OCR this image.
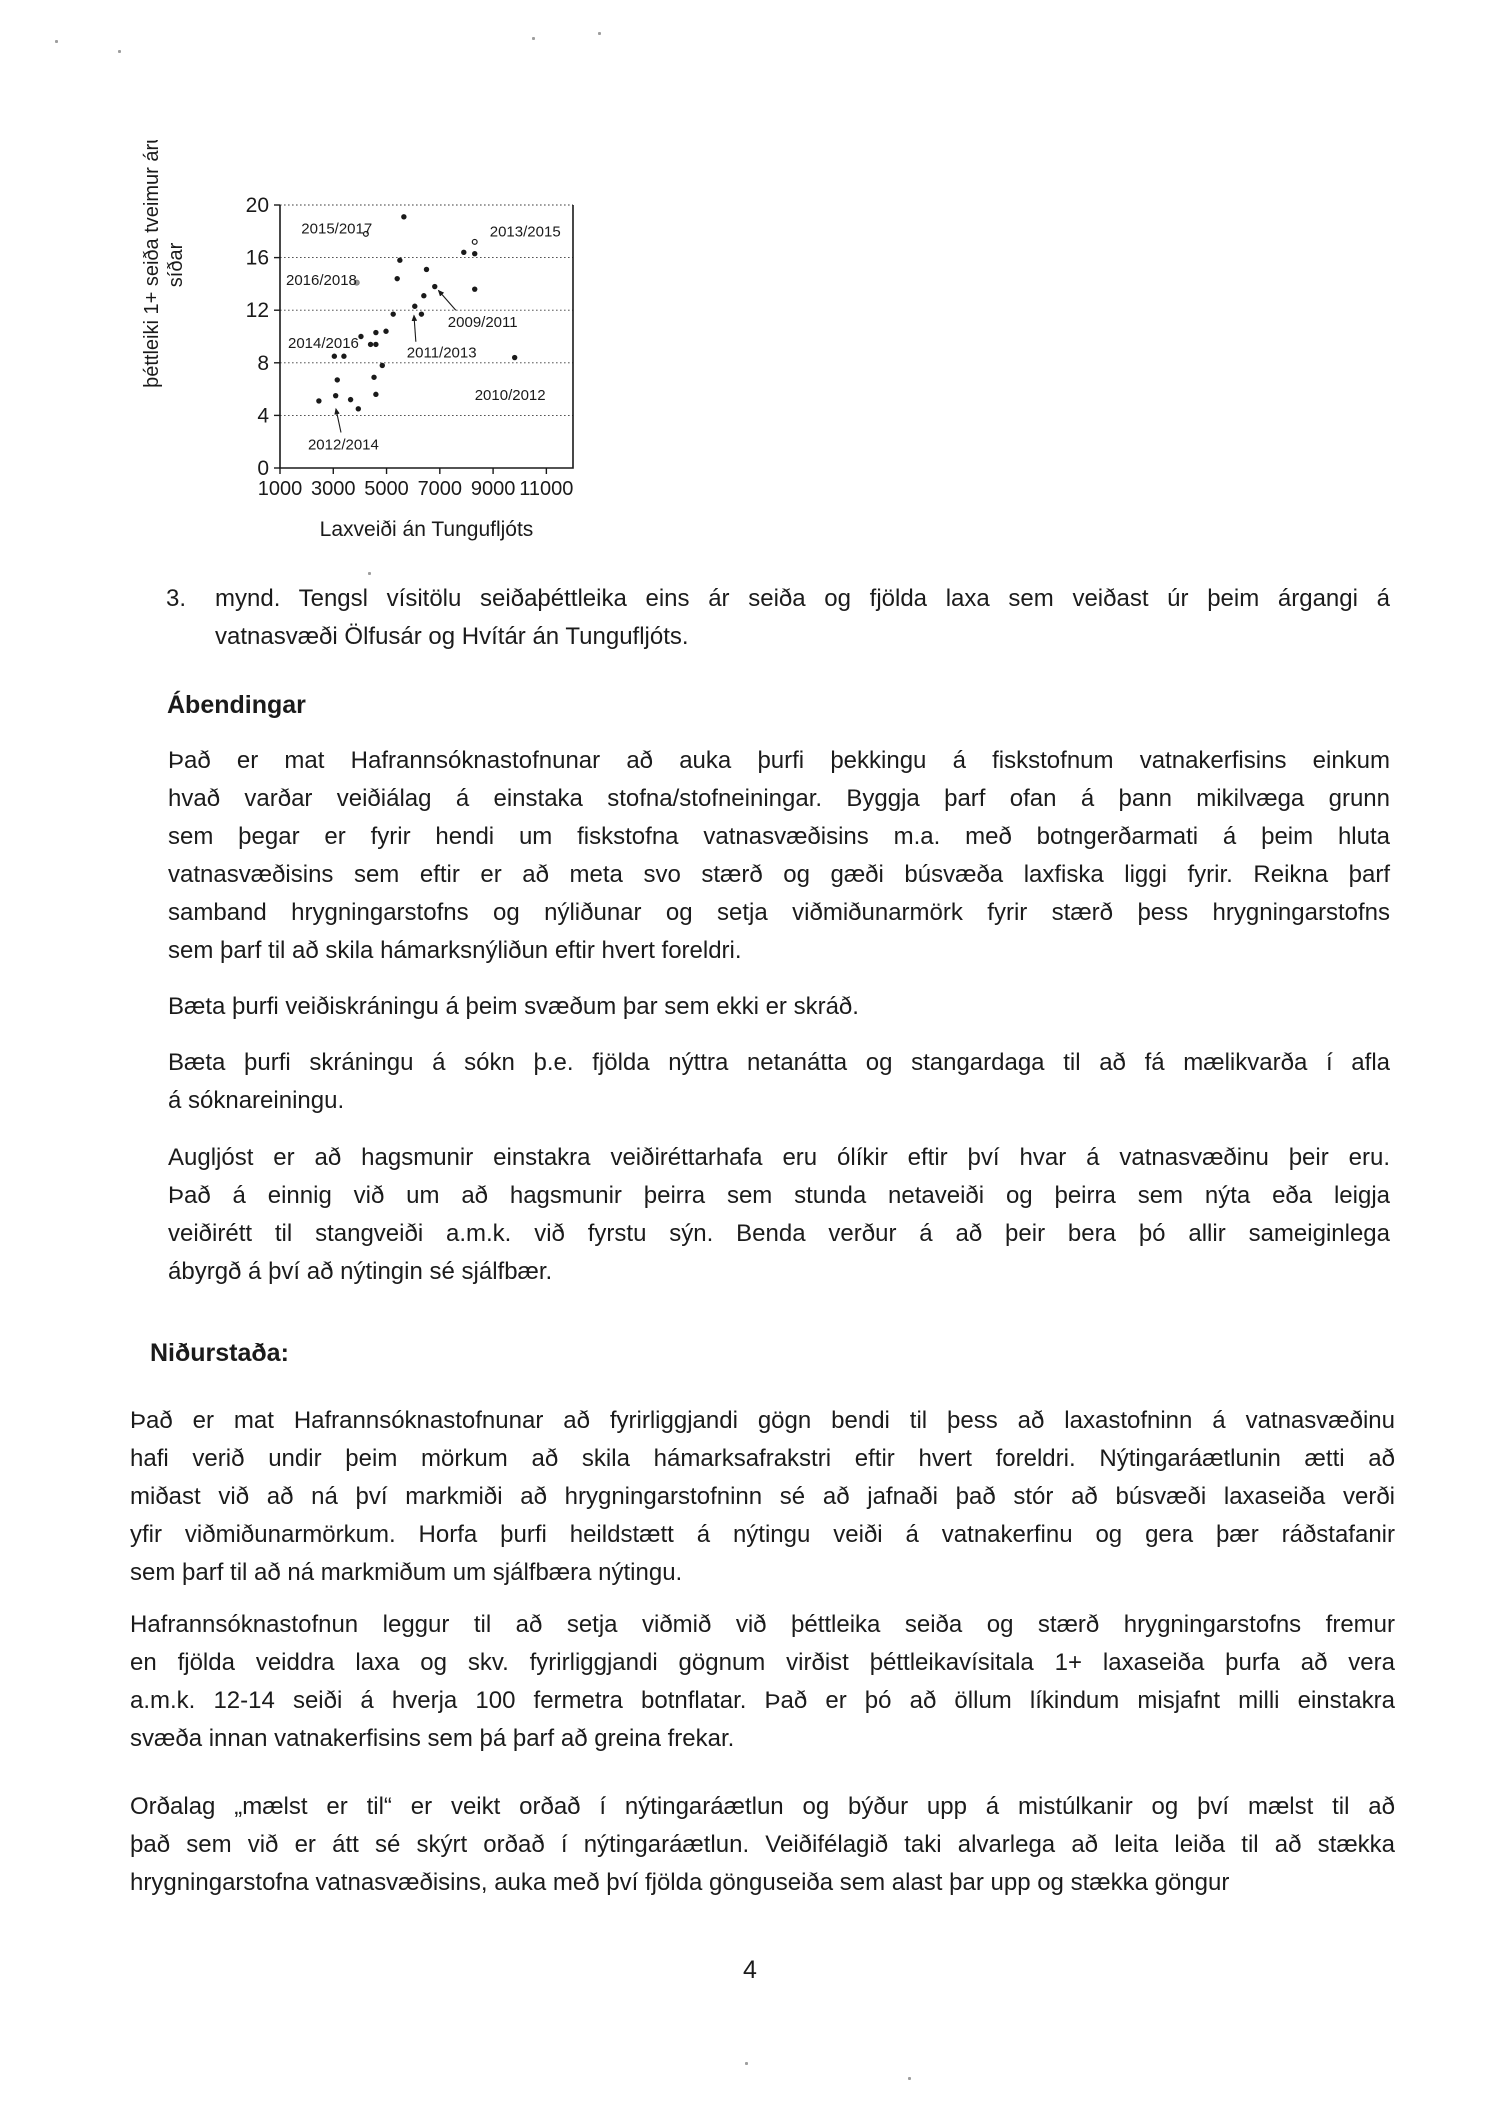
0
4
8
12
16
20
1000 3000 5000 7000 9000 11000
2015/2017	2013/2015
2016/2018
2014/2016
2009/2011
2011/2013
2010/2012
2012/2014
Laxveiði án Tungufljóts
þéttleiki 1+ seiða tveimur árum síðar
3.	mynd. Tengsl vísitölu seiðaþéttleika eins ár seiða og fjölda laxa sem veiðast úr þeim árgangi á
vatnasvæði Ölfusár og Hvítár án Tungufljóts.
Ábendingar
Það er mat Hafrannsóknastofnunar að auka þurfi þekkingu á fiskstofnum vatnakerfisins einkum
hvað varðar veiðiálag á einstaka stofna/stofneiningar. Byggja þarf ofan á þann mikilvæga grunn
sem þegar er fyrir hendi um fiskstofna vatnasvæðisins m.a. með botngerðarmati á þeim hluta
vatnasvæðisins sem eftir er að meta svo stærð og gæði búsvæða laxfiska liggi fyrir. Reikna þarf
samband hrygningarstofns og nýliðunar og setja viðmiðunarmörk fyrir stærð þess hrygningarstofns
sem þarf til að skila hámarksnýliðun eftir hvert foreldri.
Bæta þurfi veiðiskráningu á þeim svæðum þar sem ekki er skráð.
Bæta þurfi skráningu á sókn þ.e. fjölda nýttra netanátta og stangardaga til að fá mælikvarða í afla
á sóknareiningu.
Augljóst er að hagsmunir einstakra veiðiréttarhafa eru ólíkir eftir því hvar á vatnasvæðinu þeir eru.
Það á einnig við um að hagsmunir þeirra sem stunda netaveiði og þeirra sem nýta eða leigja
veiðirétt til stangveiði a.m.k. við fyrstu sýn. Benda verður á að þeir bera þó allir sameiginlega
ábyrgð á því að nýtingin sé sjálfbær.
Niðurstaða:
Það er mat Hafrannsóknastofnunar að fyrirliggjandi gögn bendi til þess að laxastofninn á vatnasvæðinu
hafi verið undir þeim mörkum að skila hámarksafrakstri eftir hvert foreldri. Nýtingaráætlunin ætti að
miðast við að ná því markmiði að hrygningarstofninn sé að jafnaði það stór að búsvæði laxaseiða verði
yfir viðmiðunarmörkum. Horfa þurfi heildstætt á nýtingu veiði á vatnakerfinu og gera þær ráðstafanir
sem þarf til að ná markmiðum um sjálfbæra nýtingu.
Hafrannsóknastofnun leggur til að setja viðmið við þéttleika seiða og stærð hrygningarstofns fremur
en fjölda veiddra laxa og skv. fyrirliggjandi gögnum virðist þéttleikavísitala 1+ laxaseiða þurfa að vera
a.m.k. 12-14 seiði á hverja 100 fermetra botnflatar. Það er þó að öllum líkindum misjafnt milli einstakra
svæða innan vatnakerfisins sem þá þarf að greina frekar.
Orðalag „mælst er til“ er veikt orðað í nýtingaráætlun og býður upp á mistúlkanir og því mælst til að
það sem við er átt sé skýrt orðað í nýtingaráætlun. Veiðifélagið taki alvarlega að leita leiða til að stækka
hrygningarstofna vatnasvæðisins, auka með því fjölda gönguseiða sem alast þar upp og stækka göngur
4
